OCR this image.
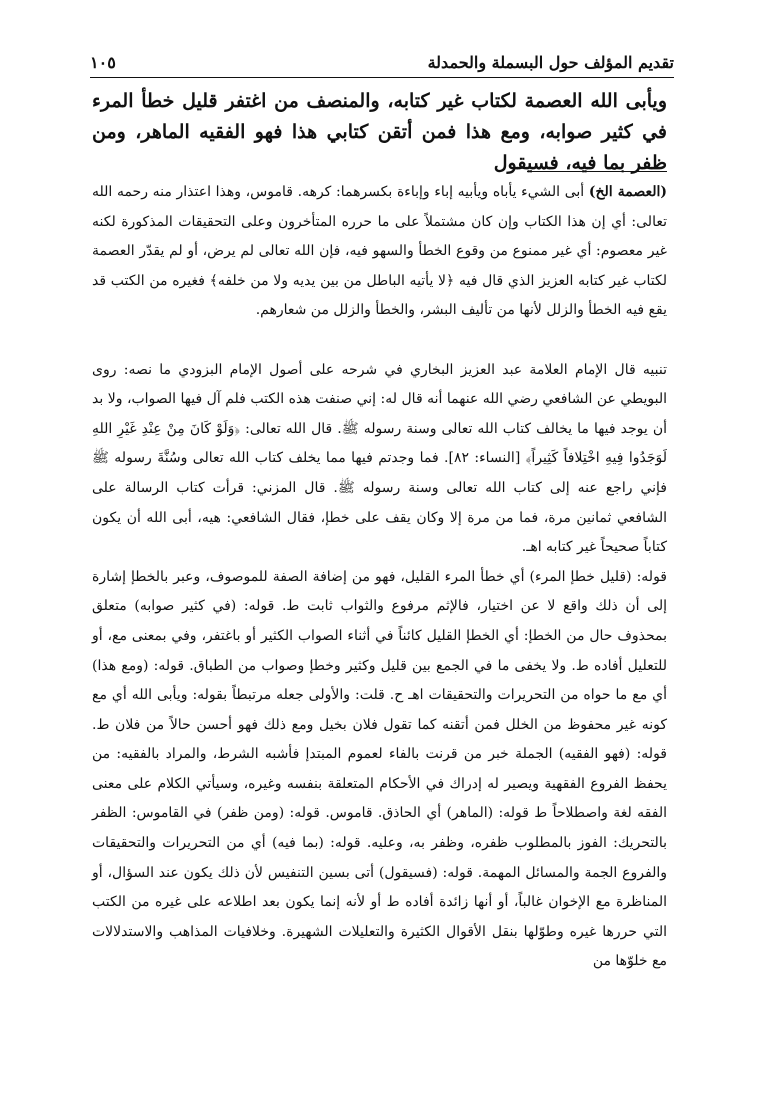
تقديم المؤلف حول البسملة والحمدلة
١٠٥

ويأبى الله العصمة لكتاب غير كتابه، والمنصف من اغتفر قليل خطأ المرء في كثير صوابه، ومع هذا فمن أتقن كتابي هذا فهو الفقيه الماهر، ومن ظفر بما فيه، فسيقول

(العصمة الخ) أبى الشيء يأباه ويأبيه إباء وإباءة بكسرهما: كرهه. قاموس، وهذا اعتذار منه رحمه الله تعالى: أي إن هذا الكتاب وإن كان مشتملاً على ما حرره المتأخرون وعلى التحقيقات المذكورة لكنه غير معصوم: أي غير ممنوع من وقوع الخطأ والسهو فيه، فإن الله تعالى لم يرض، أو لم يقدّر العصمة لكتاب غير كتابه العزيز الذي قال فيه ﴿لا يأتيه الباطل من بين يديه ولا من خلفه﴾ فغيره من الكتب قد يقع فيه الخطأ والزلل لأنها من تأليف البشر، والخطأ والزلل من شعارهم.

تنبيه قال الإمام العلامة عبد العزيز البخاري في شرحه على أصول الإمام البزودي ما نصه: روى البويطي عن الشافعي رضي الله عنهما أنه قال له: إني صنفت هذه الكتب فلم آل فيها الصواب، ولا بد أن يوجد فيها ما يخالف كتاب الله تعالى وسنة رسوله ﷺ. قال الله تعالى: ﴿وَلَوْ كَانَ مِنْ عِنْدِ غَيْرِ اللهِ لَوَجَدُوا فِيهِ اخْتِلافاً كَثِيراً﴾ [النساء: ٨٢]. فما وجدتم فيها مما يخلف كتاب الله تعالى وسُنَّةَ رسوله ﷺ فإني راجع عنه إلى كتاب الله تعالى وسنة رسوله ﷺ. قال المزني: قرأت كتاب الرسالة على الشافعي ثمانين مرة، فما من مرة إلا وكان يقف على خطإ، فقال الشافعي: هيه، أبى الله أن يكون كتاباً صحيحاً غير كتابه اهـ.

قوله: (قليل خطإ المرء) أي خطأ المرء القليل، فهو من إضافة الصفة للموصوف، وعبر بالخطإ إشارة إلى أن ذلك واقع لا عن اختيار، فالإثم مرفوع والثواب ثابت ط. قوله: (في كثير صوابه) متعلق بمحذوف حال من الخطإ: أي الخطإ القليل كائناً في أثناء الصواب الكثير أو باغتفر، وفي بمعنى مع، أو للتعليل أفاده ط. ولا يخفى ما في الجمع بين قليل وكثير وخطإ وصواب من الطباق. قوله: (ومع هذا) أي مع ما حواه من التحريرات والتحقيقات اهـ ح. قلت: والأولى جعله مرتبطاً بقوله: ويأبى الله أي مع كونه غير محفوظ من الخلل فمن أتقنه كما تقول فلان بخيل ومع ذلك فهو أحسن حالاً من فلان ط. قوله: (فهو الفقيه) الجملة خبر من قرنت بالفاء لعموم المبتدإ فأشبه الشرط، والمراد بالفقيه: من يحفظ الفروع الفقهية ويصير له إدراك في الأحكام المتعلقة بنفسه وغيره، وسيأتي الكلام على معنى الفقه لغة واصطلاحاً ط قوله: (الماهر) أي الحاذق. قاموس. قوله: (ومن ظفر) في القاموس: الظفر بالتحريك: الفوز بالمطلوب ظفره، وظفر به، وعليه. قوله: (بما فيه) أي من التحريرات والتحقيقات والفروع الجمة والمسائل المهمة. قوله: (فسيقول) أتى بسين التنفيس لأن ذلك يكون عند السؤال، أو المناظرة مع الإخوان غالباً، أو أنها زائدة أفاده ط أو لأنه إنما يكون بعد اطلاعه على غيره من الكتب التي حررها غيره وطوّلها بنقل الأقوال الكثيرة والتعليلات الشهيرة. وخلافيات المذاهب والاستدلالات مع خلوّها من
